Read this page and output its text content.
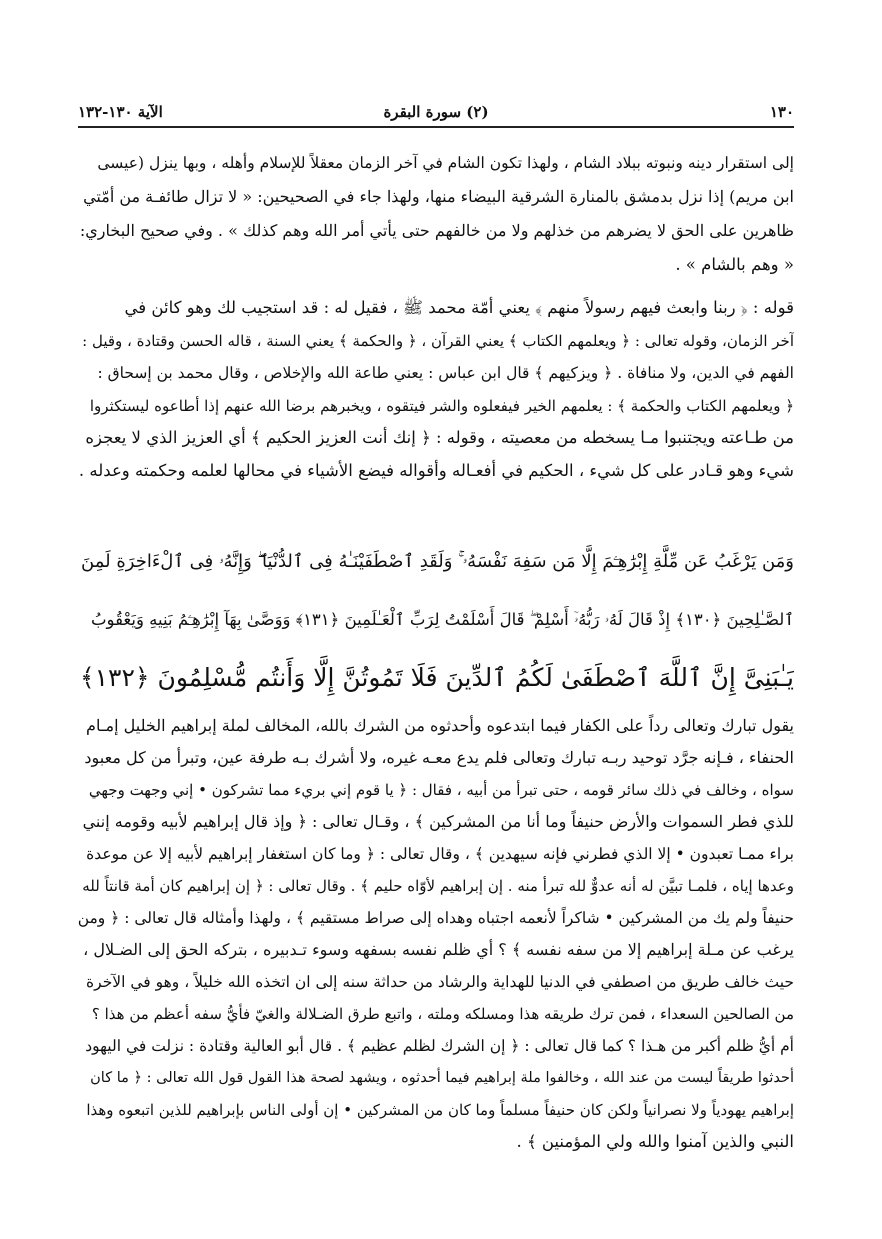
١٣٠
(٢) سورة البقرة
الآية ١٣٠-١٣٢
إلى استقرار دينه ونبوته ببلاد الشام ، ولهذا تكون الشام في آخر الزمان معقلاً للإسلام وأهله ، وبها ينزل (عيسى
ابن مريم) إذا نزل بدمشق بالمنارة الشرقية البيضاء منها، ولهذا جاء في الصحيحين: « لا تزال طائفـة من أمّتي
ظاهرين على الحق لا يضرهم من خذلهم ولا من خالفهم حتى يأتي أمر الله وهم كذلك » . وفي صحيح البخاري:
« وهم بالشام » .
قوله : ﴿ ربنا وابعث فيهم رسولاً منهم ﴾ يعني أمّة محمد ﷺ ، فقيل له : قد استجيب لك وهو كائن في
آخر الزمان، وقوله تعالى : ﴿ ويعلمهم الكتاب ﴾ يعني القرآن ، ﴿ والحكمة ﴾ يعني السنة ، قاله الحسن وقتادة ، وقيل :
الفهم في الدين، ولا منافاة . ﴿ ويزكيهم ﴾ قال ابن عباس : يعني طاعة الله والإخلاص ، وقال محمد بن إسحاق :
﴿ ويعلمهم الكتاب والحكمة ﴾ : يعلمهم الخير فيفعلوه والشر فيتقوه ، ويخبرهم برضا الله عنهم إذا أطاعوه ليستكثروا
من طـاعته ويجتنبوا مـا يسخطه من معصيته ، وقوله : ﴿ إنك أنت العزيز الحكيم ﴾ أي العزيز الذي لا يعجزه
شيء وهو قـادر على كل شيء ، الحكيم في أفعـاله وأقواله فيضع الأشياء في محالها لعلمه وحكمته وعدله .
وَمَن يَرْغَبُ عَن مِّلَّةِ إِبْرَٰهِـۧمَ إِلَّا مَن سَفِهَ نَفْسَهُۥ ۚ وَلَقَدِ ٱصْطَفَيْنَـٰهُ فِى ٱلدُّنْيَا ۖ وَإِنَّهُۥ فِى ٱلْءَاخِرَةِ لَمِنَ
ٱلصَّـٰلِحِينَ ﴿١٣٠﴾ إِذْ قَالَ لَهُۥ رَبُّهُۥٓ أَسْلِمْ ۖ قَالَ أَسْلَمْتُ لِرَبِّ ٱلْعَـٰلَمِينَ ﴿١٣١﴾ وَوَصَّىٰ بِهَآ إِبْرَٰهِـۧمُ بَنِيهِ وَيَعْقُوبُ
يَـٰبَنِىَّ إِنَّ ٱللَّهَ ٱصْطَفَىٰ لَكُمُ ٱلدِّينَ فَلَا تَمُوتُنَّ إِلَّا وَأَنتُم مُّسْلِمُونَ ﴿١٣٢﴾
يقول تبارك وتعالى رداً على الكفار فيما ابتدعوه وأحدثوه من الشرك بالله، المخالف لملة إبراهيم الخليل إمـام
الحنفاء ، فـإنه جرَّد توحيد ربـه تبارك وتعالى فلم يدع معـه غيره، ولا أشرك بـه طرفة عين، وتبرأ من كل معبود
سواه ، وخالف في ذلك سائر قومه ، حتى تبرأ من أبيه ، فقال : ﴿ يا قوم إني بريء مما تشركون • إني وجهت وجهي
للذي فطر السموات والأرض حنيفاً وما أنا من المشركين ﴾ ، وقـال تعالى : ﴿ وإذ قال إبراهيم لأبيه وقومه إنني
براء ممـا تعبدون • إلا الذي فطرني فإنه سيهدين ﴾ ، وقال تعالى : ﴿ وما كان استغفار إبراهيم لأبيه إلا عن موعدة
وعدها إياه ، فلمـا تبيَّن له أنه عدوٌّ لله تبرأ منه . إن إبراهيم لأوّاه حليم ﴾ . وقال تعالى : ﴿ إن إبراهيم كان أمة قانتاً لله
حنيفاً ولم يك من المشركين • شاكراً لأنعمه اجتباه وهداه إلى صراط مستقيم ﴾ ، ولهذا وأمثاله قال تعالى : ﴿ ومن
يرغب عن مـلة إبراهيم إلا من سفه نفسه ﴾ ؟ أي ظلم نفسه بسفهه وسوء تـدبيره ، بتركه الحق إلى الضـلال ،
حيث خالف طريق من اصطفي في الدنيا للهداية والرشاد من حداثة سنه إلى ان اتخذه الله خليلاً ، وهو في الآخرة
من الصالحين السعداء ، فمن ترك طريقه هذا ومسلكه وملته ، واتبع طرق الضـلالة والغيّ فأيُّ سفه أعظم من هذا ؟
أم أيُّ ظلم أكبر من هـذا ؟ كما قال تعالى : ﴿ إن الشرك لظلم عظيم ﴾ . قال أبو العالية وقتادة : نزلت في اليهود
أحدثوا طريقاً ليست من عند الله ، وخالفوا ملة إبراهيم فيما أحدثوه ، ويشهد لصحة هذا القول قول الله تعالى : ﴿ ما كان
إبراهيم يهودياً ولا نصرانياً ولكن كان حنيفاً مسلماً وما كان من المشركين • إن أولى الناس بإبراهيم للذين اتبعوه وهذا
النبي والذين آمنوا والله ولي المؤمنين ﴾ .
